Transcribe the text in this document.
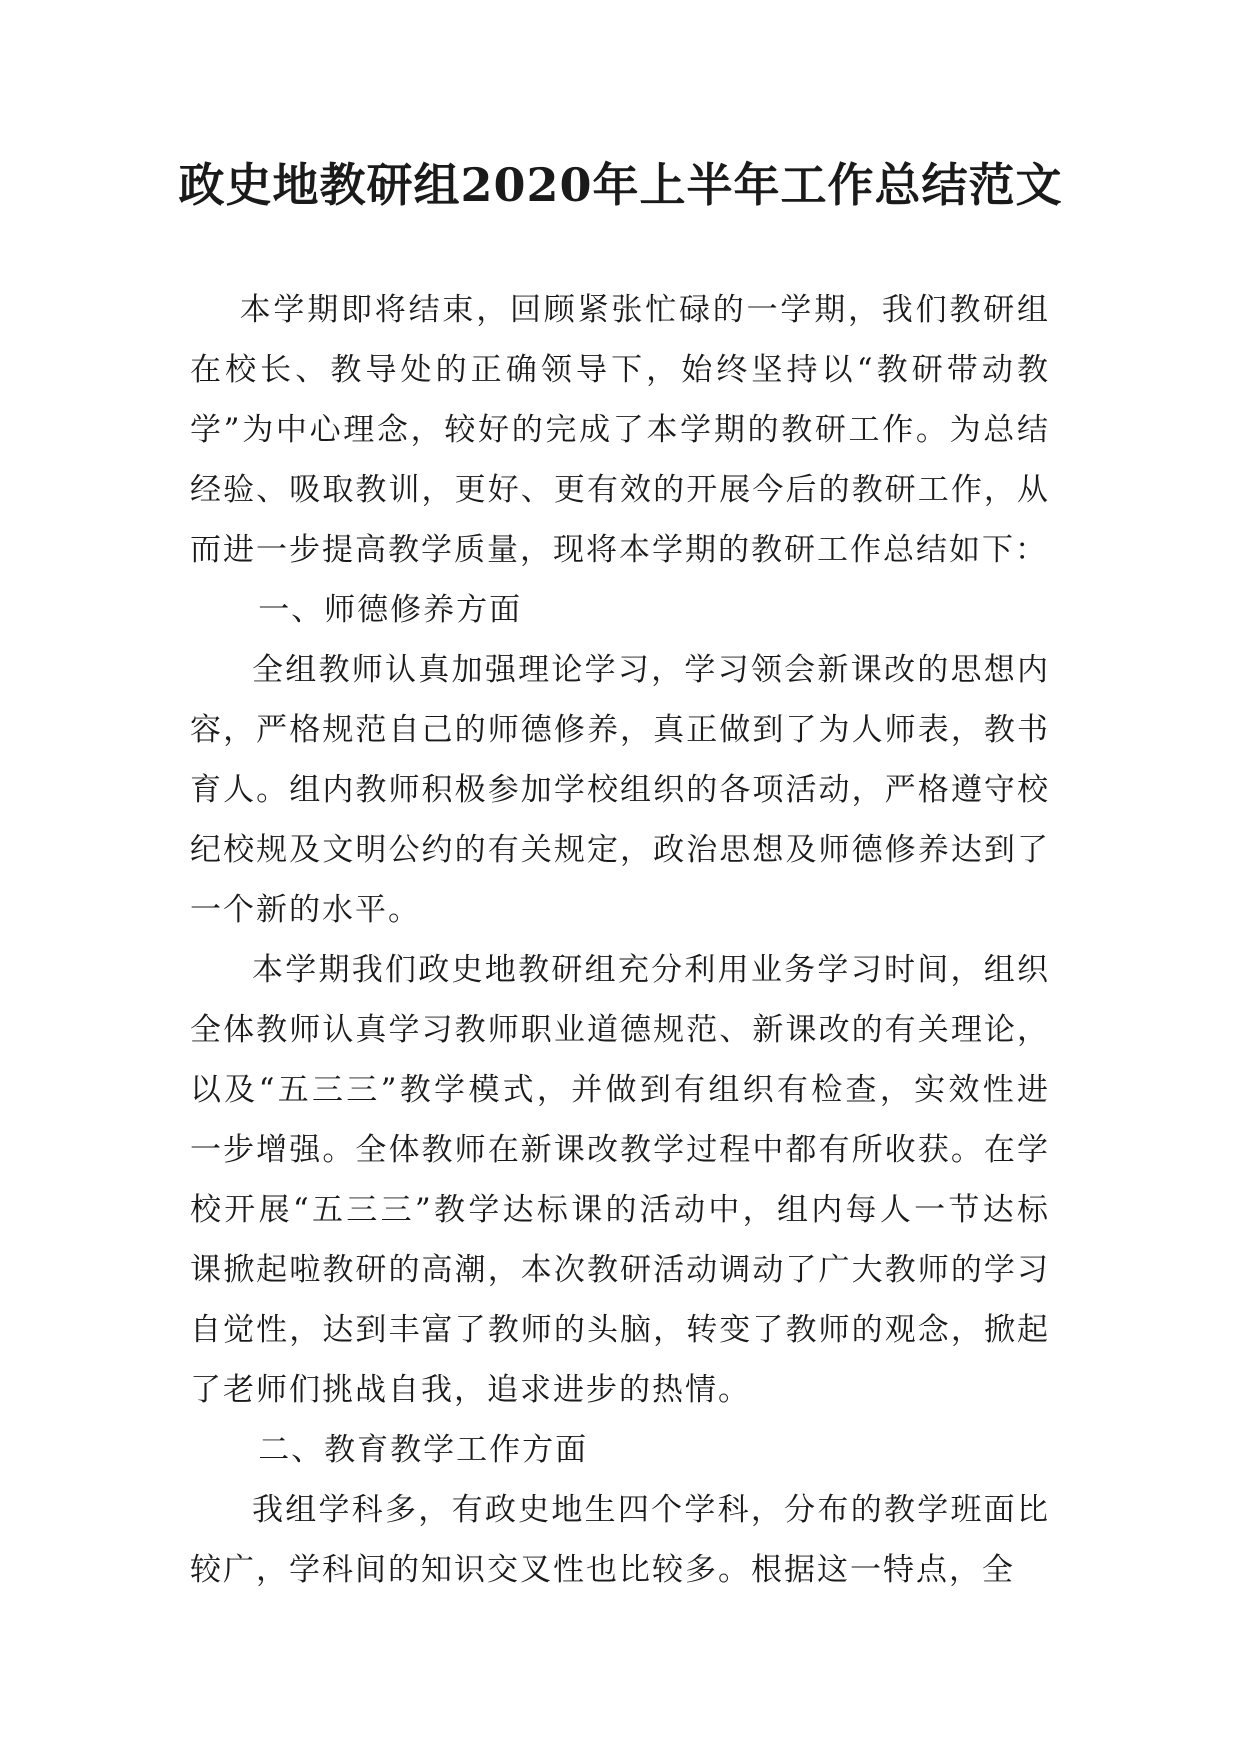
政史地教研组2020年上半年工作总结范文

本学期即将结束，回顾紧张忙碌的一学期，我们教研组在校长、教导处的正确领导下，始终坚持以“教研带动教学”为中心理念，较好的完成了本学期的教研工作。为总结经验、吸取教训，更好、更有效的开展今后的教研工作，从而进一步提高教学质量，现将本学期的教研工作总结如下：

一、师德修养方面

全组教师认真加强理论学习，学习领会新课改的思想内容，严格规范自己的师德修养，真正做到了为人师表，教书育人。组内教师积极参加学校组织的各项活动，严格遵守校纪校规及文明公约的有关规定，政治思想及师德修养达到了一个新的水平。

本学期我们政史地教研组充分利用业务学习时间，组织全体教师认真学习教师职业道德规范、新课改的有关理论，以及“五三三”教学模式，并做到有组织有检查，实效性进一步增强。全体教师在新课改教学过程中都有所收获。在学校开展“五三三”教学达标课的活动中，组内每人一节达标课掀起啦教研的高潮，本次教研活动调动了广大教师的学习自觉性，达到丰富了教师的头脑，转变了教师的观念，掀起了老师们挑战自我，追求进步的热情。

二、教育教学工作方面

我组学科多，有政史地生四个学科，分布的教学班面比较广，学科间的知识交叉性也比较多。根据这一特点，全
